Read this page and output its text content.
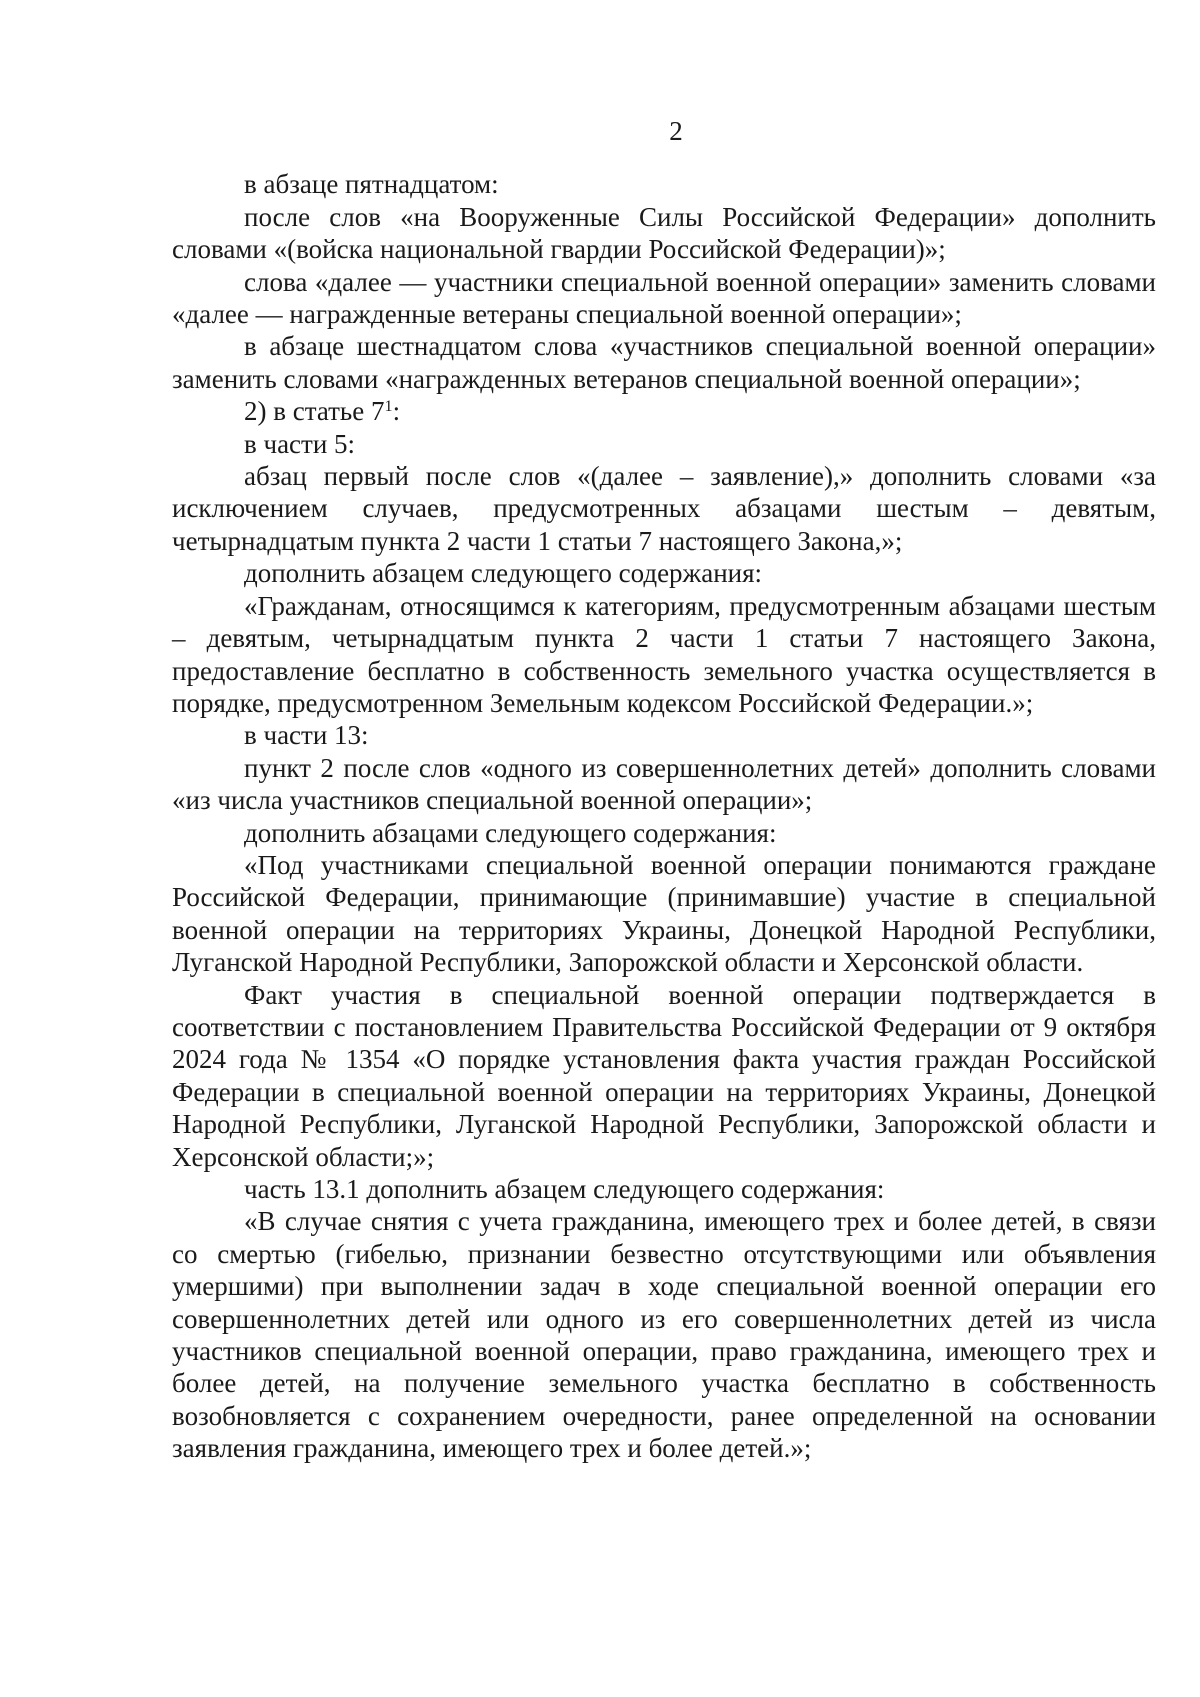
2

в абзаце пятнадцатом:

после слов «на Вооруженные Силы Российской Федерации» дополнить словами «(войска национальной гвардии Российской Федерации)»;

слова «далее — участники специальной военной операции» заменить словами «далее — награжденные ветераны специальной военной операции»;

в абзаце шестнадцатом слова «участников специальной военной операции» заменить словами «награжденных ветеранов специальной военной операции»;

2) в статье $7^1$:

в части 5:

абзац первый после слов «(далее – заявление),» дополнить словами «за исключением случаев, предусмотренных абзацами шестым – девятым, четырнадцатым пункта 2 части 1 статьи 7 настоящего Закона,»;

дополнить абзацем следующего содержания:

«Гражданам, относящимся к категориям, предусмотренным абзацами шестым – девятым, четырнадцатым пункта 2 части 1 статьи 7 настоящего Закона, предоставление бесплатно в собственность земельного участка осуществляется в порядке, предусмотренном Земельным кодексом Российской Федерации.»;

в части 13:

пункт 2 после слов «одного из совершеннолетних детей» дополнить словами «из числа участников специальной военной операции»;

дополнить абзацами следующего содержания:

«Под участниками специальной военной операции понимаются граждане Российской Федерации, принимающие (принимавшие) участие в специальной военной операции на территориях Украины, Донецкой Народной Республики, Луганской Народной Республики, Запорожской области и Херсонской области.

Факт участия в специальной военной операции подтверждается в соответствии с постановлением Правительства Российской Федерации от 9 октября 2024 года № 1354 «О порядке установления факта участия граждан Российской Федерации в специальной военной операции на территориях Украины, Донецкой Народной Республики, Луганской Народной Республики, Запорожской области и Херсонской области;»;

часть 13.1 дополнить абзацем следующего содержания:

«В случае снятия с учета гражданина, имеющего трех и более детей, в связи со смертью (гибелью, признании безвестно отсутствующими или объявления умершими) при выполнении задач в ходе специальной военной операции его совершеннолетних детей или одного из его совершеннолетних детей из числа участников специальной военной операции, право гражданина, имеющего трех и более детей, на получение земельного участка бесплатно в собственность возобновляется с сохранением очередности, ранее определенной на основании заявления гражданина, имеющего трех и более детей.»;
